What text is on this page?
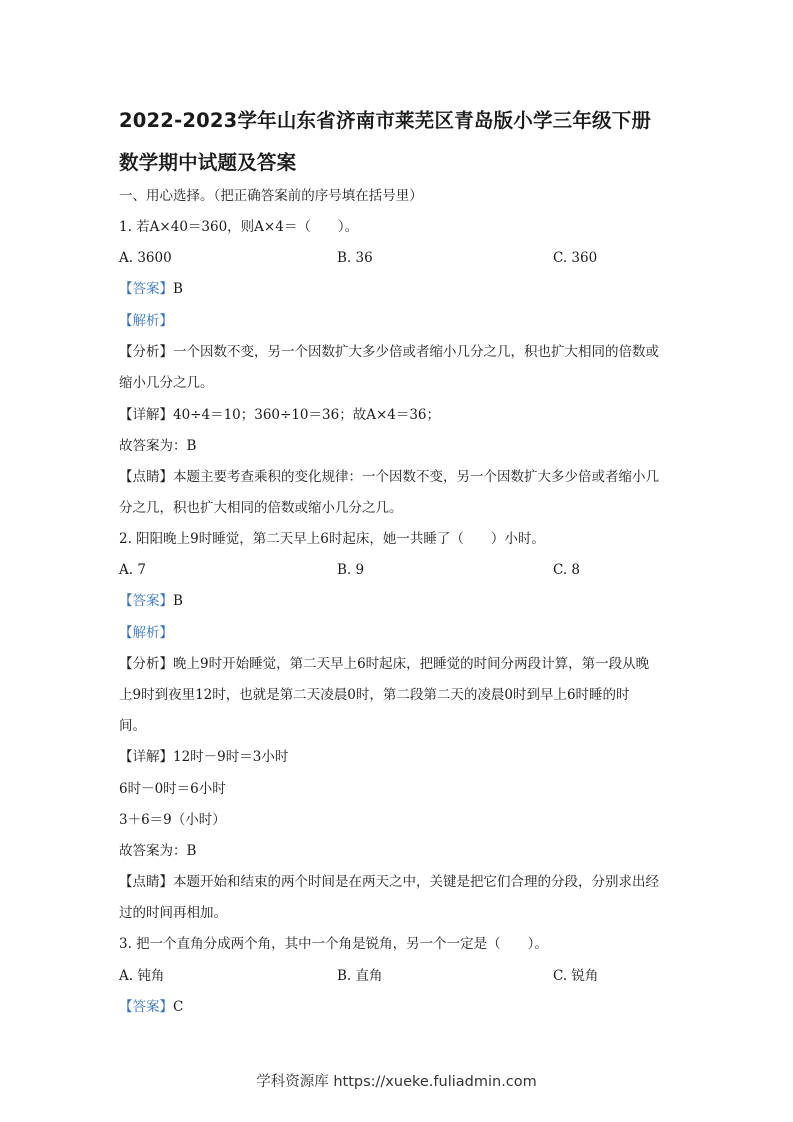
2022-2023学年山东省济南市莱芜区青岛版小学三年级下册
数学期中试题及答案
一、用心选择。（把正确答案前的序号填在括号里）
1. 若A×40＝360，则A×4＝（　　）。
A. 3600	B. 36	C. 360
【答案】B
【解析】
【分析】一个因数不变，另一个因数扩大多少倍或者缩小几分之几，积也扩大相同的倍数或
缩小几分之几。
【详解】40÷4＝10；360÷10＝36；故A×4＝36；
故答案为：B
【点睛】本题主要考查乘积的变化规律：一个因数不变，另一个因数扩大多少倍或者缩小几
分之几，积也扩大相同的倍数或缩小几分之几。
2. 阳阳晚上9时睡觉，第二天早上6时起床，她一共睡了（　　）小时。
A. 7	B. 9	C. 8
【答案】B
【解析】
【分析】晚上9时开始睡觉，第二天早上6时起床，把睡觉的时间分两段计算，第一段从晚
上9时到夜里12时，也就是第二天凌晨0时，第二段第二天的凌晨0时到早上6时睡的时
间。
【详解】12时－9时＝3小时
6时－0时＝6小时
3＋6＝9（小时）
故答案为：B
【点睛】本题开始和结束的两个时间是在两天之中，关键是把它们合理的分段，分别求出经
过的时间再相加。
3. 把一个直角分成两个角，其中一个角是锐角，另一个一定是（　　）。
A. 钝角	B. 直角	C. 锐角
【答案】C
学科资源库 https://xueke.fuliadmin.com
